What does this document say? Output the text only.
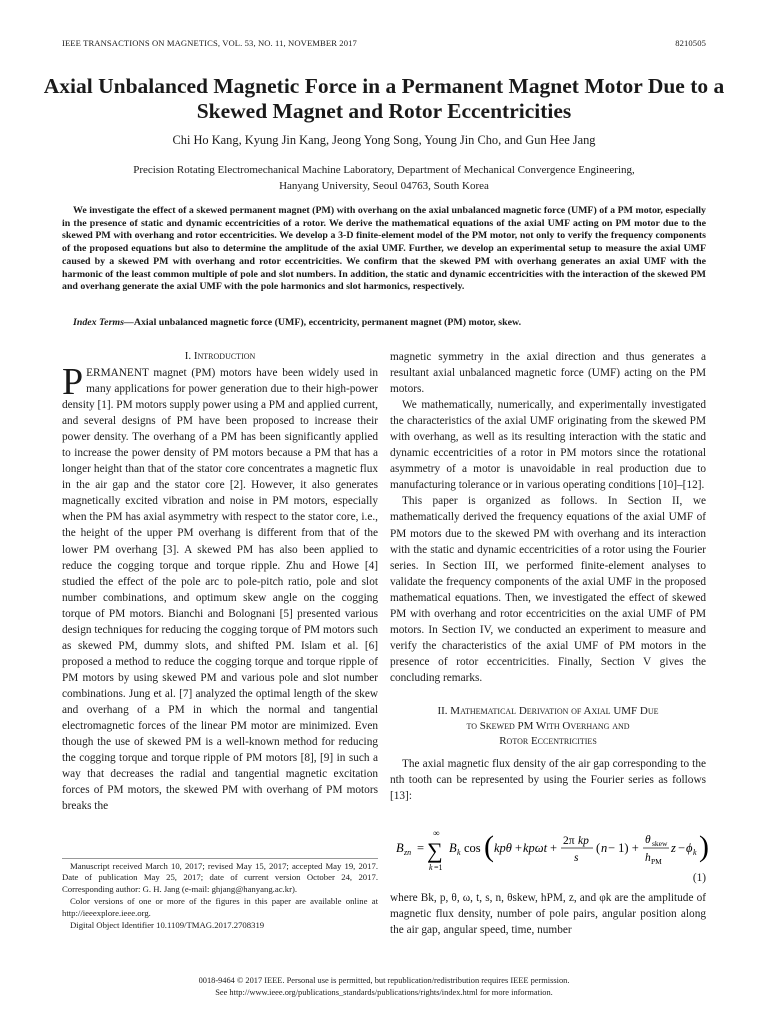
IEEE TRANSACTIONS ON MAGNETICS, VOL. 53, NO. 11, NOVEMBER 2017	8210505
Axial Unbalanced Magnetic Force in a Permanent Magnet Motor Due to a Skewed Magnet and Rotor Eccentricities
Chi Ho Kang, Kyung Jin Kang, Jeong Yong Song, Young Jin Cho, and Gun Hee Jang
Precision Rotating Electromechanical Machine Laboratory, Department of Mechanical Convergence Engineering,
Hanyang University, Seoul 04763, South Korea
We investigate the effect of a skewed permanent magnet (PM) with overhang on the axial unbalanced magnetic force (UMF) of a PM motor, especially in the presence of static and dynamic eccentricities of a rotor. We derive the mathematical equations of the axial UMF acting on PM motor due to the skewed PM with overhang and rotor eccentricities. We develop a 3-D finite-element model of the PM motor, not only to verify the frequency components of the proposed equations but also to determine the amplitude of the axial UMF. Further, we develop an experimental setup to measure the axial UMF caused by a skewed PM with overhang and rotor eccentricities. We confirm that the skewed PM with overhang generates an axial UMF with the harmonic of the least common multiple of pole and slot numbers. In addition, the static and dynamic eccentricities with the interaction of the skewed PM and overhang generate the axial UMF with the pole harmonics and slot harmonics, respectively.
Index Terms—Axial unbalanced magnetic force (UMF), eccentricity, permanent magnet (PM) motor, skew.
I. Introduction

PERMANENT magnet (PM) motors have been widely used in many applications for power generation due to their high-power density [1]. PM motors supply power using a PM and applied current, and several designs of PM have been proposed to increase their power density. The overhang of a PM has been significantly applied to increase the power density of PM motors because a PM that has a longer height than that of the stator core concentrates a magnetic flux in the air gap and the stator core [2]. However, it also generates magnetically excited vibration and noise in PM motors, especially when the PM has axial asymmetry with respect to the stator core, i.e., the height of the upper PM overhang is different from that of the lower PM overhang [3]. A skewed PM has also been applied to reduce the cogging torque and torque ripple. Zhu and Howe [4] studied the effect of the pole arc to pole-pitch ratio, pole and slot number combinations, and optimum skew angle on the cogging torque of PM motors. Bianchi and Bolognani [5] presented various design techniques for reducing the cogging torque of PM motors such as skewed PM, dummy slots, and shifted PM. Islam et al. [6] proposed a method to reduce the cogging torque and torque ripple of PM motors by using skewed PM and various pole and slot number combinations. Jung et al. [7] analyzed the optimal length of the skew and overhang of a PM in which the normal and tangential electromagnetic forces of the linear PM motor are minimized. Even though the use of skewed PM is a well-known method for reducing the cogging torque and torque ripple of PM motors [8], [9] in such a way that decreases the radial and tangential magnetic excitation forces of PM motors, the skewed PM with overhang of PM motors breaks the

Manuscript received March 10, 2017; revised May 15, 2017; accepted May 19, 2017. Date of publication May 25, 2017; date of current version October 24, 2017. Corresponding author: G. H. Jang (e-mail: ghjang@hanyang.ac.kr).

Color versions of one or more of the figures in this paper are available online at http://ieeexplore.ieee.org.

Digital Object Identifier 10.1109/TMAG.2017.2708319

magnetic symmetry in the axial direction and thus generates a resultant axial unbalanced magnetic force (UMF) acting on the PM motors.

We mathematically, numerically, and experimentally investigated the characteristics of the axial UMF originating from the skewed PM with overhang, as well as its resulting interaction with the static and dynamic eccentricities of a rotor in PM motors since the rotational asymmetry of a motor is unavoidable in real production due to manufacturing tolerance or in various operating conditions [10]–[12].

This paper is organized as follows. In Section II, we mathematically derived the frequency equations of the axial UMF of PM motors due to the skewed PM with overhang and its interaction with the static and dynamic eccentricities of a rotor using the Fourier series. In Section III, we performed finite-element analyses to validate the frequency components of the axial UMF in the proposed mathematical equations. Then, we investigated the effect of skewed PM with overhang and rotor eccentricities on the axial UMF of PM motors. In Section IV, we conducted an experiment to measure and verify the characteristics of the axial UMF of PM motors in the presence of rotor eccentricities. Finally, Section V gives the concluding remarks.

II. Mathematical Derivation of Axial UMF Due
to Skewed PM With Overhang and
Rotor Eccentricities

The axial magnetic flux density of the air gap corresponding to the nth tooth can be represented by using the Fourier series as follows [13]:

B zn =
∞
∑
k =1
B k cos ( kpθ + kpωt + 2π kp
s
( n − 1) +
θ skew
h PM
z − ϕ k )
(1)
where Bk, p, θ, ω, t, s, n, θskew, hPM, z, and φk are the amplitude of magnetic flux density, number of pole pairs, angular position along the air gap, angular speed, time, number
0018-9464 © 2017 IEEE. Personal use is permitted, but republication/redistribution requires IEEE permission.
See http://www.ieee.org/publications_standards/publications/rights/index.html for more information.
